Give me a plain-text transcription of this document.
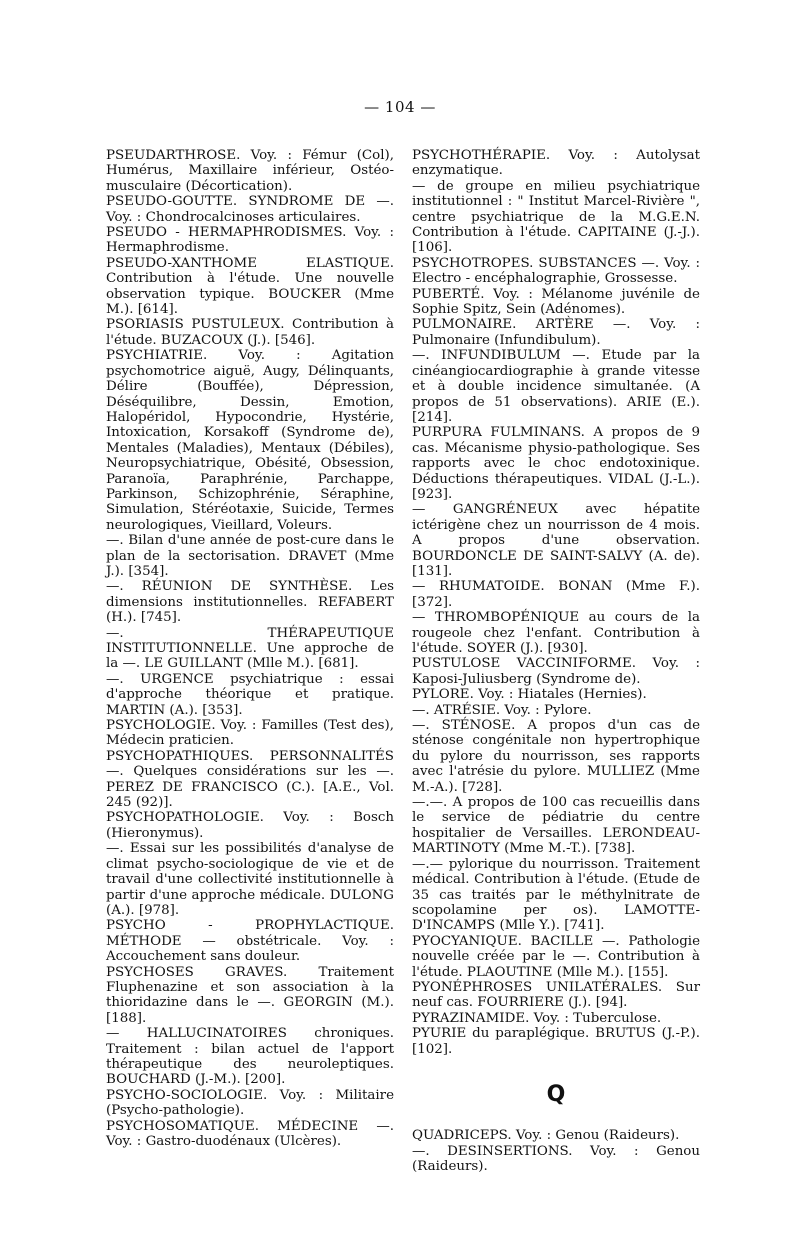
— 104 —

PSEUDARTHROSE. Voy. : Fémur (Col), Humérus, Maxillaire inférieur, Ostéo-musculaire (Décortication).

PSEUDO-GOUTTE. SYNDROME DE —. Voy. : Chondrocalcinoses articulaires.

PSEUDO - HERMAPHRODISMES. Voy. : Hermaphrodisme.

PSEUDO-XANTHOME ELASTIQUE. Contribution à l'étude. Une nouvelle observation typique. BOUCKER (Mme M.). [614].

PSORIASIS PUSTULEUX. Contribution à l'étude. BUZACOUX (J.). [546].

PSYCHIATRIE. Voy. : Agitation psychomotrice aiguë, Augy, Délinquants, Délire (Bouffée), Dépression, Déséquilibre, Dessin, Emotion, Halopéridol, Hypocondrie, Hystérie, Intoxication, Korsakoff (Syndrome de), Mentales (Maladies), Mentaux (Débiles), Neuropsychiatrique, Obésité, Obsession, Paranoïa, Paraphrénie, Parchappe, Parkinson, Schizophrénie, Séraphine, Simulation, Stéréotaxie, Suicide, Termes neurologiques, Vieillard, Voleurs.

—. Bilan d'une année de post-cure dans le plan de la sectorisation. DRAVET (Mme J.). [354].

—. RÉUNION DE SYNTHÈSE. Les dimensions institutionnelles. REFABERT (H.). [745].

—. THÉRAPEUTIQUE INSTITUTIONNELLE. Une approche de la —. LE GUILLANT (Mlle M.). [681].

—. URGENCE psychiatrique : essai d'approche théorique et pratique. MARTIN (A.). [353].

PSYCHOLOGIE. Voy. : Familles (Test des), Médecin praticien.

PSYCHOPATHIQUES. PERSONNALITÉS —. Quelques considérations sur les —. PEREZ DE FRANCISCO (C.). [A.E., Vol. 245 (92)].

PSYCHOPATHOLOGIE. Voy. : Bosch (Hieronymus).

—. Essai sur les possibilités d'analyse de climat psycho-sociologique de vie et de travail d'une collectivité institutionnelle à partir d'une approche médicale. DULONG (A.). [978].

PSYCHO - PROPHYLACTIQUE. MÉTHODE — obstétricale. Voy. : Accouchement sans douleur.

PSYCHOSES GRAVES. Traitement Fluphenazine et son association à la thioridazine dans le —. GEORGIN (M.). [188].

— HALLUCINATOIRES chroniques. Traitement : bilan actuel de l'apport thérapeutique des neuroleptiques. BOUCHARD (J.-M.). [200].

PSYCHO-SOCIOLOGIE. Voy. : Militaire (Psycho-pathologie).

PSYCHOSOMATIQUE. MÉDECINE —. Voy. : Gastro-duodénaux (Ulcères).

PSYCHOTHÉRAPIE. Voy. : Autolysat enzymatique.

— de groupe en milieu psychiatrique institutionnel : " Institut Marcel-Rivière ", centre psychiatrique de la M.G.E.N. Contribution à l'étude. CAPITAINE (J.-J.). [106].

PSYCHOTROPES. SUBSTANCES —. Voy. : Electro - encéphalographie, Grossesse.

PUBERTÉ. Voy. : Mélanome juvénile de Sophie Spitz, Sein (Adénomes).

PULMONAIRE. ARTÈRE —. Voy. : Pulmonaire (Infundibulum).

—. INFUNDIBULUM —. Etude par la cinéangiocardiographie à grande vitesse et à double incidence simultanée. (A propos de 51 observations). ARIE (E.). [214].

PURPURA FULMINANS. A propos de 9 cas. Mécanisme physio-pathologique. Ses rapports avec le choc endotoxinique. Déductions thérapeutiques. VIDAL (J.-L.). [923].

— GANGRÉNEUX avec hépatite ictérigène chez un nourrisson de 4 mois. A propos d'une observation. BOURDONCLE DE SAINT-SALVY (A. de). [131].

— RHUMATOIDE. BONAN (Mme F.). [372].

— THROMBOPÉNIQUE au cours de la rougeole chez l'enfant. Contribution à l'étude. SOYER (J.). [930].

PUSTULOSE VACCINIFORME. Voy. : Kaposi-Juliusberg (Syndrome de).

PYLORE. Voy. : Hiatales (Hernies).

—. ATRÉSIE. Voy. : Pylore.

—. STÉNOSE. A propos d'un cas de sténose congénitale non hypertrophique du pylore du nourrisson, ses rapports avec l'atrésie du pylore. MULLIEZ (Mme M.-A.). [728].

—.—. A propos de 100 cas recueillis dans le service de pédiatrie du centre hospitalier de Versailles. LERONDEAU-MARTINOTY (Mme M.-T.). [738].

—.— pylorique du nourrisson. Traitement médical. Contribution à l'étude. (Etude de 35 cas traités par le méthylnitrate de scopolamine per os). LAMOTTE-D'INCAMPS (Mlle Y.). [741].

PYOCYANIQUE. BACILLE —. Pathologie nouvelle créée par le —. Contribution à l'étude. PLAOUTINE (Mlle M.). [155].

PYONÉPHROSES UNILATÉRALES. Sur neuf cas. FOURRIERE (J.). [94].

PYRAZINAMIDE. Voy. : Tuberculose.

PYURIE du paraplégique. BRUTUS (J.-P.). [102].

Q

QUADRICEPS. Voy. : Genou (Raideurs).

—. DESINSERTIONS. Voy. : Genou (Raideurs).
